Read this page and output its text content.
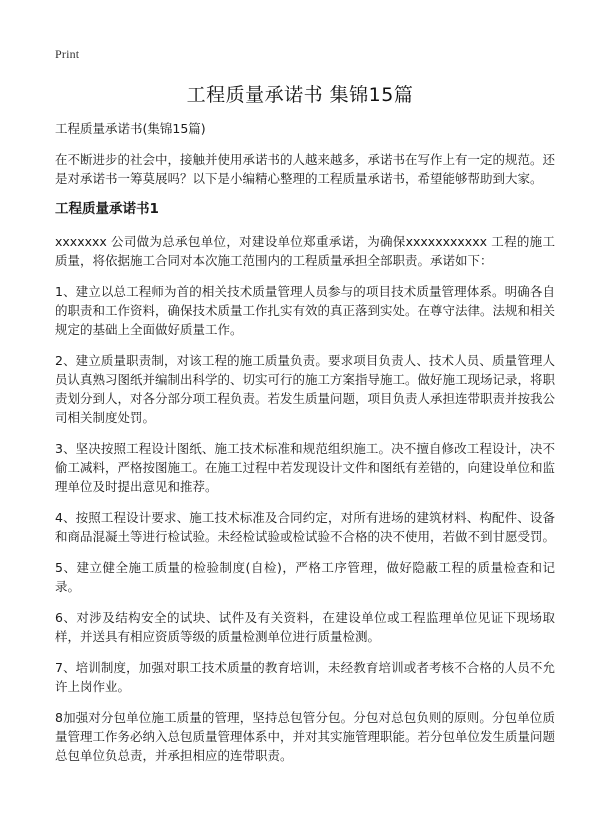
Print
工程质量承诺书 集锦15篇
工程质量承诺书(集锦15篇)

在不断进步的社会中，接触并使用承诺书的人越来越多，承诺书在写作上有一定的规范。还是对承诺书一筹莫展吗？以下是小编精心整理的工程质量承诺书，希望能够帮助到大家。

工程质量承诺书1

xxxxxxx 公司做为总承包单位，对建设单位郑重承诺，为确保xxxxxxxxxxx 工程的施工质量，将依据施工合同对本次施工范围内的工程质量承担全部职责。承诺如下：

1、建立以总工程师为首的相关技术质量管理人员参与的项目技术质量管理体系。明确各自的职责和工作资料，确保技术质量工作扎实有效的真正落到实处。在尊守法律。法规和相关规定的基础上全面做好质量工作。

2、建立质量职责制，对该工程的施工质量负责。要求项目负责人、技术人员、质量管理人员认真熟习图纸并编制出科学的、切实可行的施工方案指导施工。做好施工现场记录，将职责划分到人，对各分部分项工程负责。若发生质量问题，项目负责人承担连带职责并按我公司相关制度处罚。

3、坚决按照工程设计图纸、施工技术标准和规范组织施工。决不擅自修改工程设计，决不偷工减料，严格按图施工。在施工过程中若发现设计文件和图纸有差错的，向建设单位和监理单位及时提出意见和推荐。

4、按照工程设计要求、施工技术标准及合同约定，对所有进场的建筑材料、构配件、设备和商品混凝土等进行检试验。未经检试验或检试验不合格的决不使用，若做不到甘愿受罚。

5、建立健全施工质量的检验制度(自检)，严格工序管理，做好隐蔽工程的质量检查和记录。

6、对涉及结构安全的试块、试件及有关资料，在建设单位或工程监理单位见证下现场取样，并送具有相应资质等级的质量检测单位进行质量检测。

7、培训制度，加强对职工技术质量的教育培训，未经教育培训或者考核不合格的人员不允许上岗作业。

8加强对分包单位施工质量的管理，坚持总包管分包。分包对总包负则的原则。分包单位质量管理工作务必纳入总包质量管理体系中，并对其实施管理职能。若分包单位发生质量问题总包单位负总责，并承担相应的连带职责。
